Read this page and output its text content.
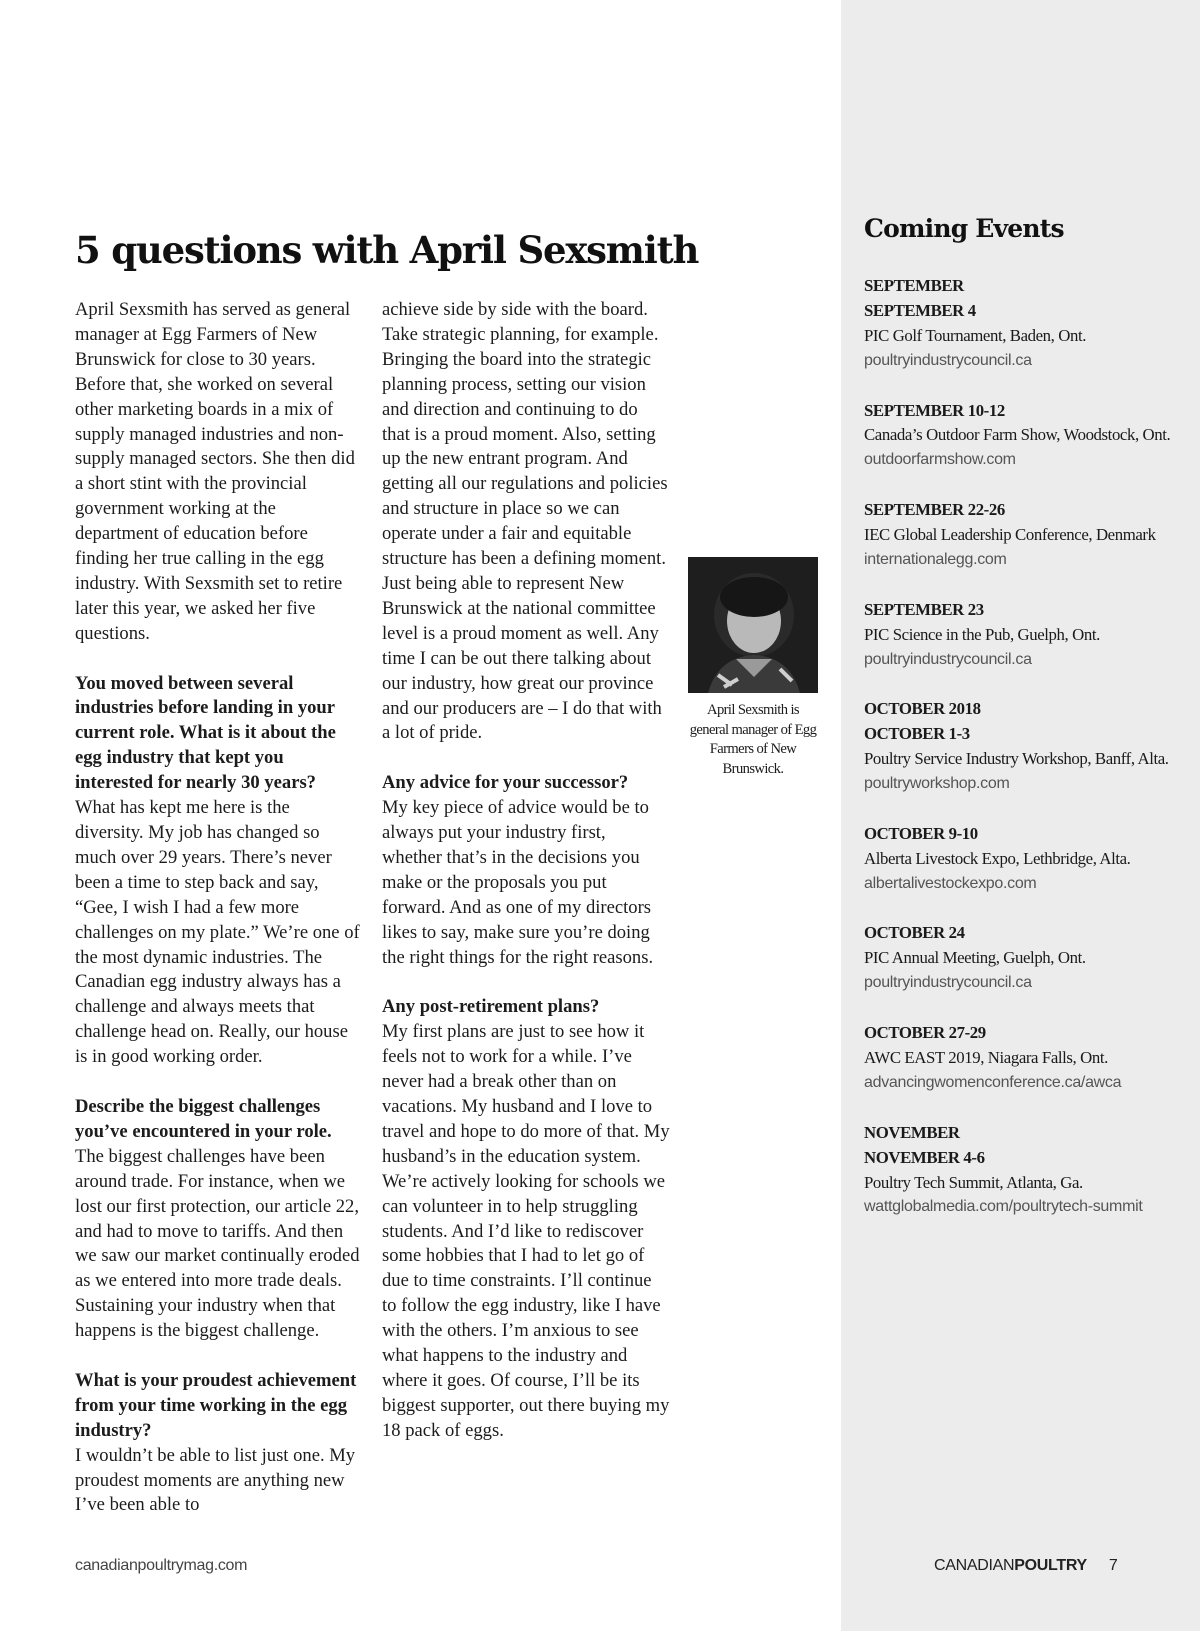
5 questions with April Sexsmith

April Sexsmith has served as general manager at Egg Farmers of New Brunswick for close to 30 years. Before that, she worked on several other marketing boards in a mix of supply managed industries and non-supply managed sectors. She then did a short stint with the provincial government working at the department of education before finding her true calling in the egg industry. With Sexsmith set to retire later this year, we asked her five questions.

You moved between several industries before landing in your current role. What is it about the egg industry that kept you interested for nearly 30 years?

What has kept me here is the diversity. My job has changed so much over 29 years. There’s never been a time to step back and say, “Gee, I wish I had a few more challenges on my plate.” We’re one of the most dynamic industries. The Canadian egg industry always has a challenge and always meets that challenge head on. Really, our house is in good working order.

Describe the biggest challenges you’ve encountered in your role.

The biggest challenges have been around trade. For instance, when we lost our first protection, our article 22, and had to move to tariffs. And then we saw our market continually eroded as we entered into more trade deals. Sustaining your industry when that happens is the biggest challenge.

What is your proudest achievement from your time working in the egg industry?

I wouldn’t be able to list just one. My proudest moments are anything new I’ve been able to

achieve side by side with the board. Take strategic planning, for example. Bringing the board into the strategic planning process, setting our vision and direction and continuing to do that is a proud moment. Also, setting up the new entrant program. And getting all our regulations and policies and structure in place so we can operate under a fair and equitable structure has been a defining moment. Just being able to represent New Brunswick at the national committee level is a proud moment as well. Any time I can be out there talking about our industry, how great our province and our producers are – I do that with a lot of pride.

Any advice for your successor?

My key piece of advice would be to always put your industry first, whether that’s in the decisions you make or the proposals you put forward. And as one of my directors likes to say, make sure you’re doing the right things for the right reasons.

Any post-retirement plans?

My first plans are just to see how it feels not to work for a while. I’ve never had a break other than on vacations. My husband and I love to travel and hope to do more of that. My husband’s in the education system. We’re actively looking for schools we can volunteer in to help struggling students. And I’d like to rediscover some hobbies that I had to let go of due to time constraints. I’ll continue to follow the egg industry, like I have with the others. I’m anxious to see what happens to the industry and where it goes. Of course, I’ll be its biggest supporter, out there buying my 18 pack of eggs.

April Sexsmith is general manager of Egg Farmers of New Brunswick.
Coming Events
SEPTEMBER
SEPTEMBER 4
PIC Golf Tournament, Baden, Ont.
poultryindustrycouncil.ca
SEPTEMBER 10-12
Canada’s Outdoor Farm Show, Woodstock, Ont.
outdoorfarmshow.com
SEPTEMBER 22-26
IEC Global Leadership Conference, Denmark
internationalegg.com
SEPTEMBER 23
PIC Science in the Pub, Guelph, Ont.
poultryindustrycouncil.ca
OCTOBER 2018
OCTOBER 1-3
Poultry Service Industry Workshop, Banff, Alta.
poultryworkshop.com
OCTOBER 9-10
Alberta Livestock Expo, Lethbridge, Alta.
albertalivestockexpo.com
OCTOBER 24
PIC Annual Meeting, Guelph, Ont.
poultryindustrycouncil.ca
OCTOBER 27-29
AWC EAST 2019, Niagara Falls, Ont.
advancingwomenconference.ca/awca
NOVEMBER
NOVEMBER 4-6
Poultry Tech Summit, Atlanta, Ga.
wattglobalmedia.com/poultrytech-summit
canadianpoultrymag.com	CANADIANPOULTRY 7
